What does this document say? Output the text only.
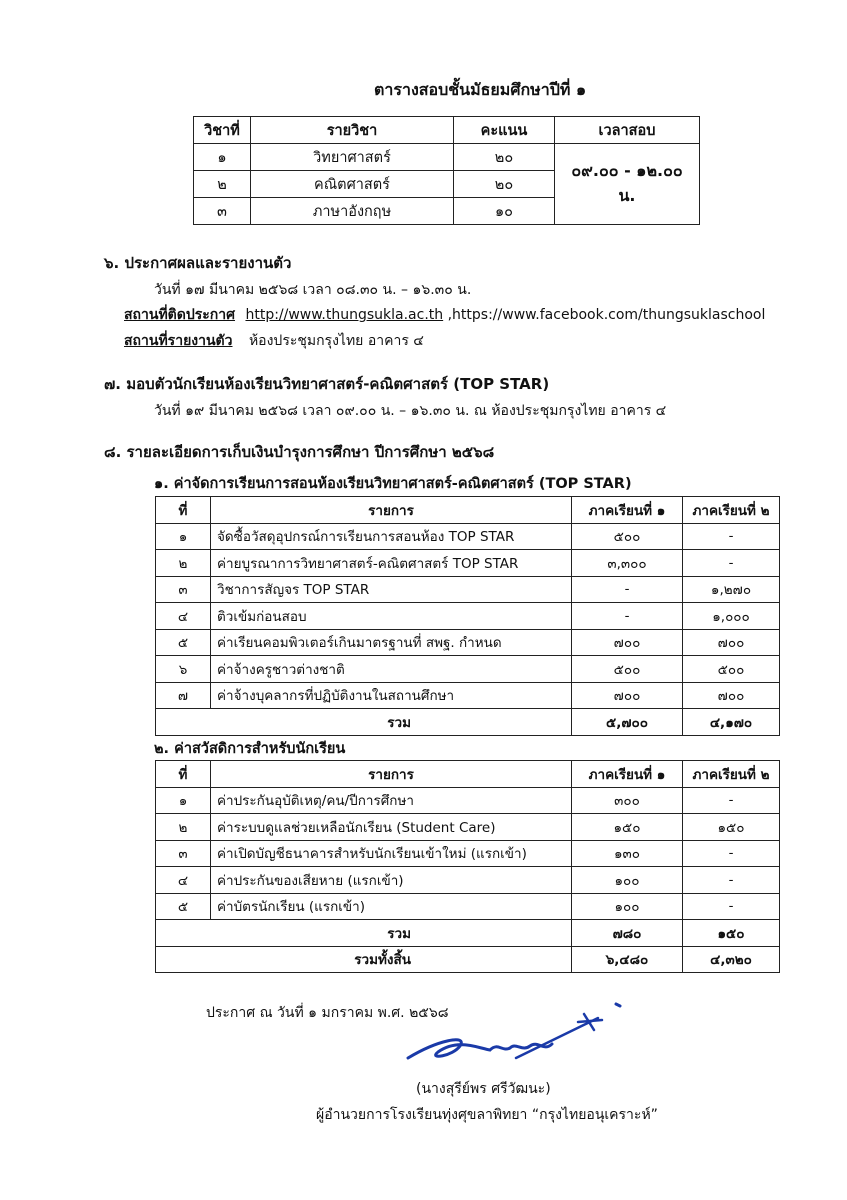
ตารางสอบชั้นมัธยมศึกษาปีที่ ๑
วิชาที่	รายวิชา	คะแนน	เวลาสอบ
๑	วิทยาศาสตร์	๒๐	๐๙.๐๐ - ๑๒.๐๐ น.
๒	คณิตศาสตร์	๒๐	
๓	ภาษาอังกฤษ	๑๐	
๖. ประกาศผลและรายงานตัว
วันที่ ๑๗ มีนาคม ๒๕๖๘ เวลา ๐๘.๓๐ น. – ๑๖.๓๐ น.
สถานที่ติดประกาศ http://www.thungsukla.ac.th ,https://www.facebook.com/thungsuklaschool
สถานที่รายงานตัว ห้องประชุมกรุงไทย อาคาร ๔
๗. มอบตัวนักเรียนห้องเรียนวิทยาศาสตร์-คณิตศาสตร์ (TOP STAR)
วันที่ ๑๙ มีนาคม ๒๕๖๘ เวลา ๐๙.๐๐ น. – ๑๖.๓๐ น. ณ ห้องประชุมกรุงไทย อาคาร ๔
๘. รายละเอียดการเก็บเงินบำรุงการศึกษา ปีการศึกษา ๒๕๖๘
๑. ค่าจัดการเรียนการสอนห้องเรียนวิทยาศาสตร์-คณิตศาสตร์ (TOP STAR)
ที่	รายการ	ภาคเรียนที่ ๑	ภาคเรียนที่ ๒
๑	จัดซื้อวัสดุอุปกรณ์การเรียนการสอนห้อง TOP STAR	๕๐๐	-
๒	ค่ายบูรณาการวิทยาศาสตร์-คณิตศาสตร์ TOP STAR	๓,๓๐๐	-
๓	วิชาการสัญจร TOP STAR	-	๑,๒๗๐
๔	ติวเข้มก่อนสอบ	-	๑,๐๐๐
๕	ค่าเรียนคอมพิวเตอร์เกินมาตรฐานที่ สพฐ. กำหนด	๗๐๐	๗๐๐
๖	ค่าจ้างครูชาวต่างชาติ	๕๐๐	๕๐๐
๗	ค่าจ้างบุคลากรที่ปฏิบัติงานในสถานศึกษา	๗๐๐	๗๐๐
รวม		๕,๗๐๐	๔,๑๗๐
๒. ค่าสวัสดิการสำหรับนักเรียน
ที่	รายการ	ภาคเรียนที่ ๑	ภาคเรียนที่ ๒
๑	ค่าประกันอุบัติเหตุ/คน/ปีการศึกษา	๓๐๐	-
๒	ค่าระบบดูแลช่วยเหลือนักเรียน (Student Care)	๑๕๐	๑๕๐
๓	ค่าเปิดบัญชีธนาคารสำหรับนักเรียนเข้าใหม่ (แรกเข้า)	๑๓๐	-
๔	ค่าประกันของเสียหาย (แรกเข้า)	๑๐๐	-
๕	ค่าบัตรนักเรียน (แรกเข้า)	๑๐๐	-
รวม		๗๘๐	๑๕๐
รวมทั้งสิ้น		๖,๔๘๐	๔,๓๒๐
ประกาศ ณ วันที่ ๑ มกราคม พ.ศ. ๒๕๖๘
(นางสุรีย์พร ศรีวัฒนะ)
ผู้อำนวยการโรงเรียนทุ่งศุขลาพิทยา “กรุงไทยอนุเคราะห์”
